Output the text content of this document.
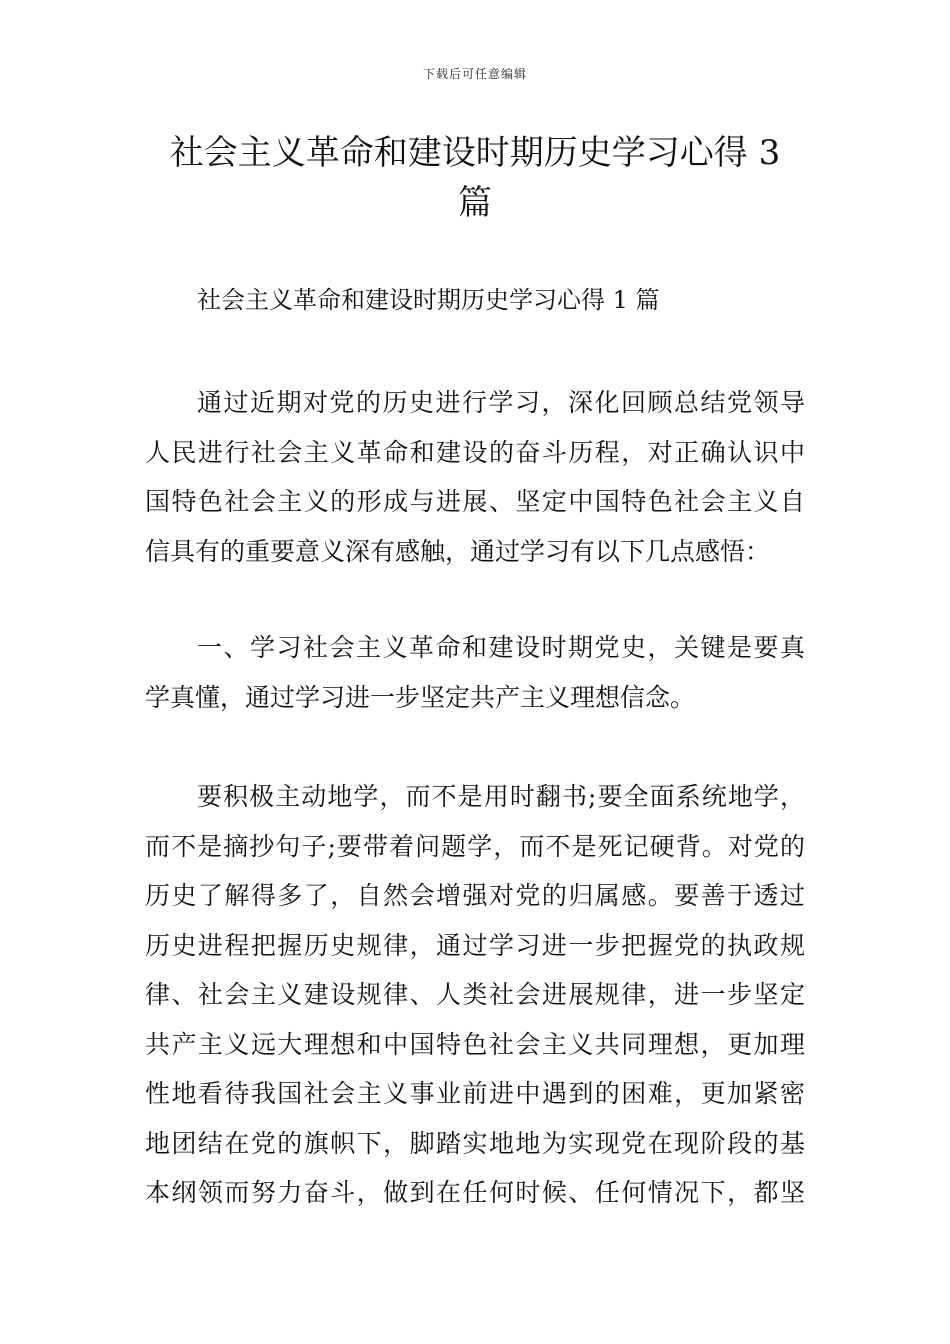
下载后可任意编辑
社会主义革命和建设时期历史学习心得 3
篇

社会主义革命和建设时期历史学习心得 1 篇

通过近期对党的历史进行学习，深化回顾总结党领导
人民进行社会主义革命和建设的奋斗历程，对正确认识中
国特色社会主义的形成与进展、坚定中国特色社会主义自
信具有的重要意义深有感触，通过学习有以下几点感悟：

一、学习社会主义革命和建设时期党史，关键是要真
学真懂，通过学习进一步坚定共产主义理想信念。

要积极主动地学，而不是用时翻书;要全面系统地学，
而不是摘抄句子;要带着问题学，而不是死记硬背。对党的
历史了解得多了，自然会增强对党的归属感。要善于透过
历史进程把握历史规律，通过学习进一步把握党的执政规
律、社会主义建设规律、人类社会进展规律，进一步坚定
共产主义远大理想和中国特色社会主义共同理想，更加理
性地看待我国社会主义事业前进中遇到的困难，更加紧密
地团结在党的旗帜下，脚踏实地地为实现党在现阶段的基
本纲领而努力奋斗，做到在任何时候、任何情况下，都坚
